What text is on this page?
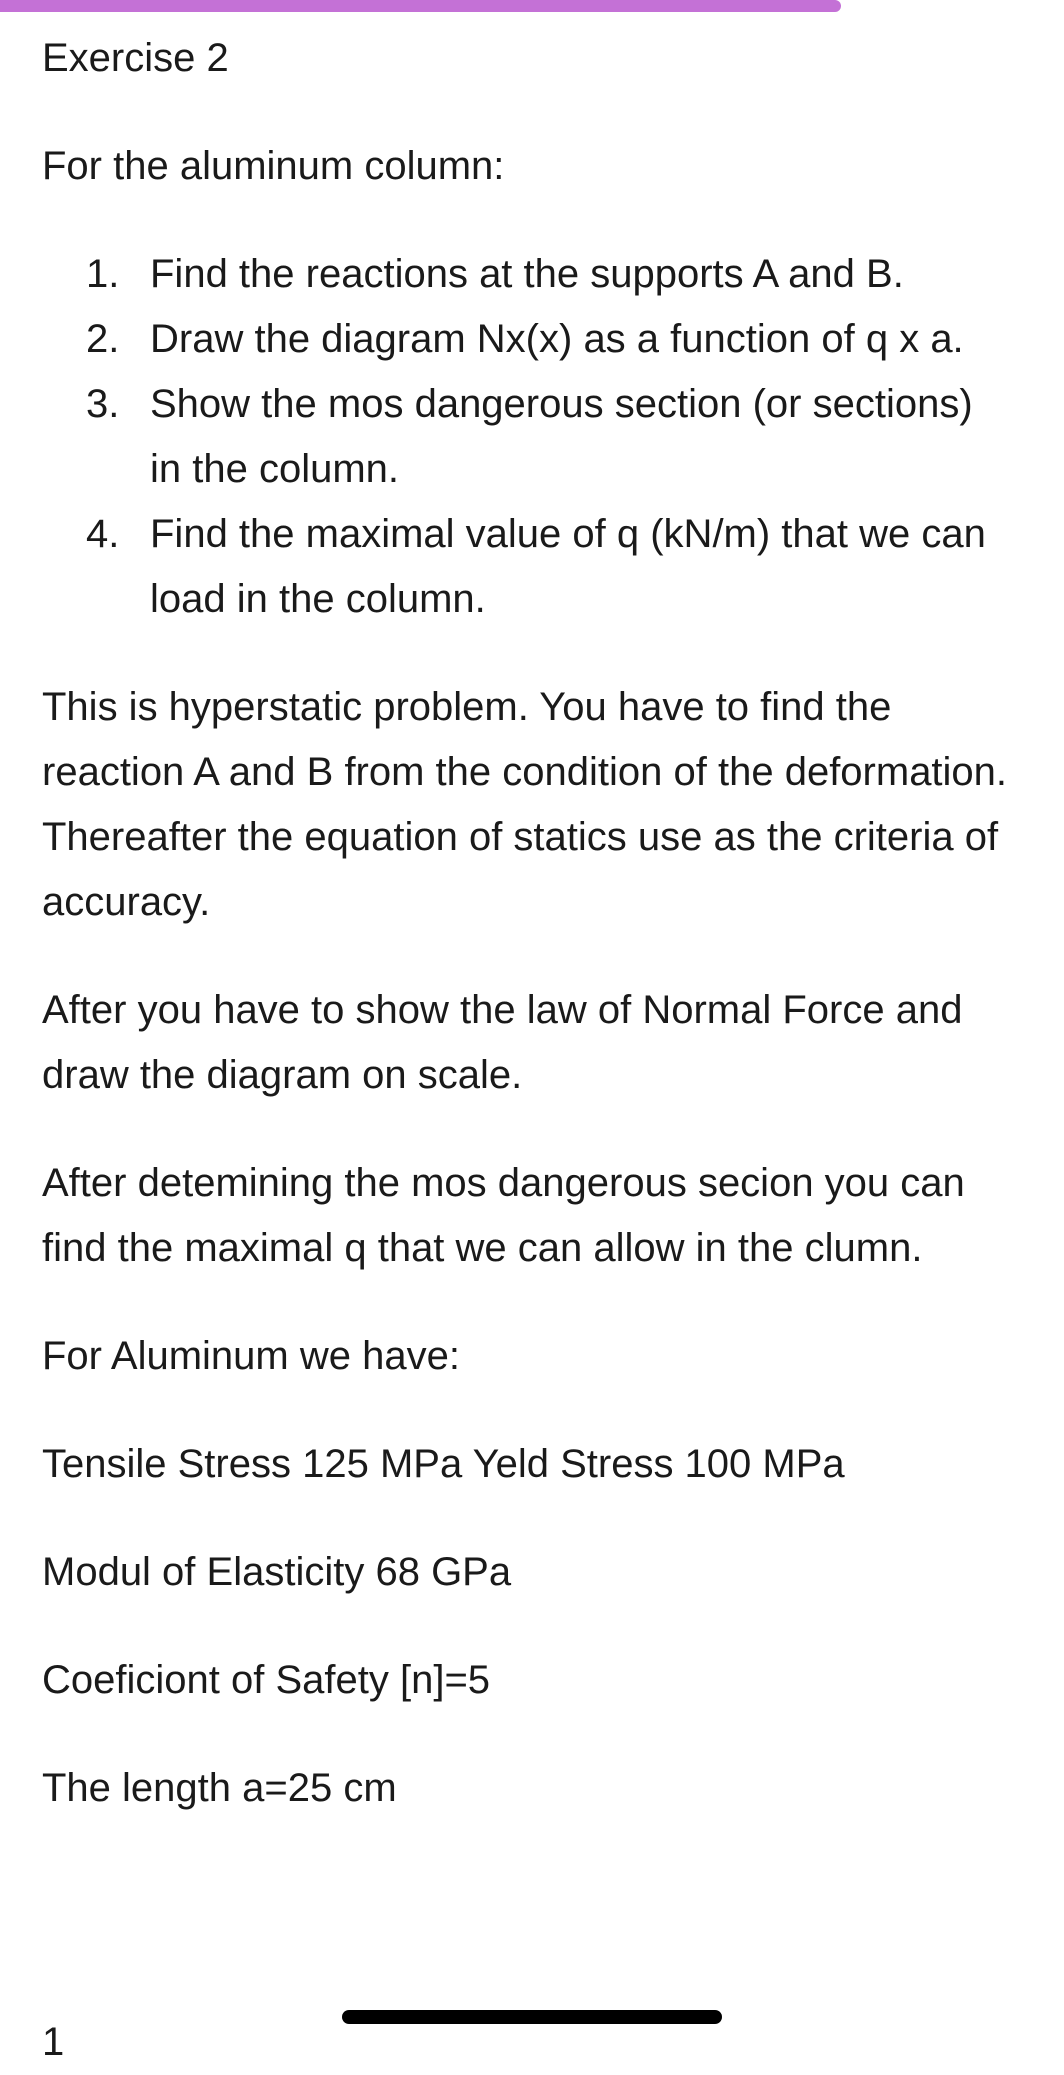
Exercise 2
For the aluminum column:
1. Find the reactions at the supports A and B.
2. Draw the diagram Nx(x) as a function of q x a.
3. Show the mos dangerous section (or sections) in the column.
4. Find the maximal value of q (kN/m) that we can load in the column.
This is hyperstatic problem. You have to find the reaction A and B from the condition of the deformation. Thereafter the equation of statics use as the criteria of accuracy.
After you have to show the law of Normal Force and draw the diagram on scale.
After detemining the mos dangerous secion you can find the maximal q that we can allow in the clumn.
For Aluminum we have:
Tensile Stress 125 MPa Yeld Stress 100 MPa
Modul of Elasticity 68 GPa
Coeficiont of Safety [n]=5
The length a=25 cm
1
